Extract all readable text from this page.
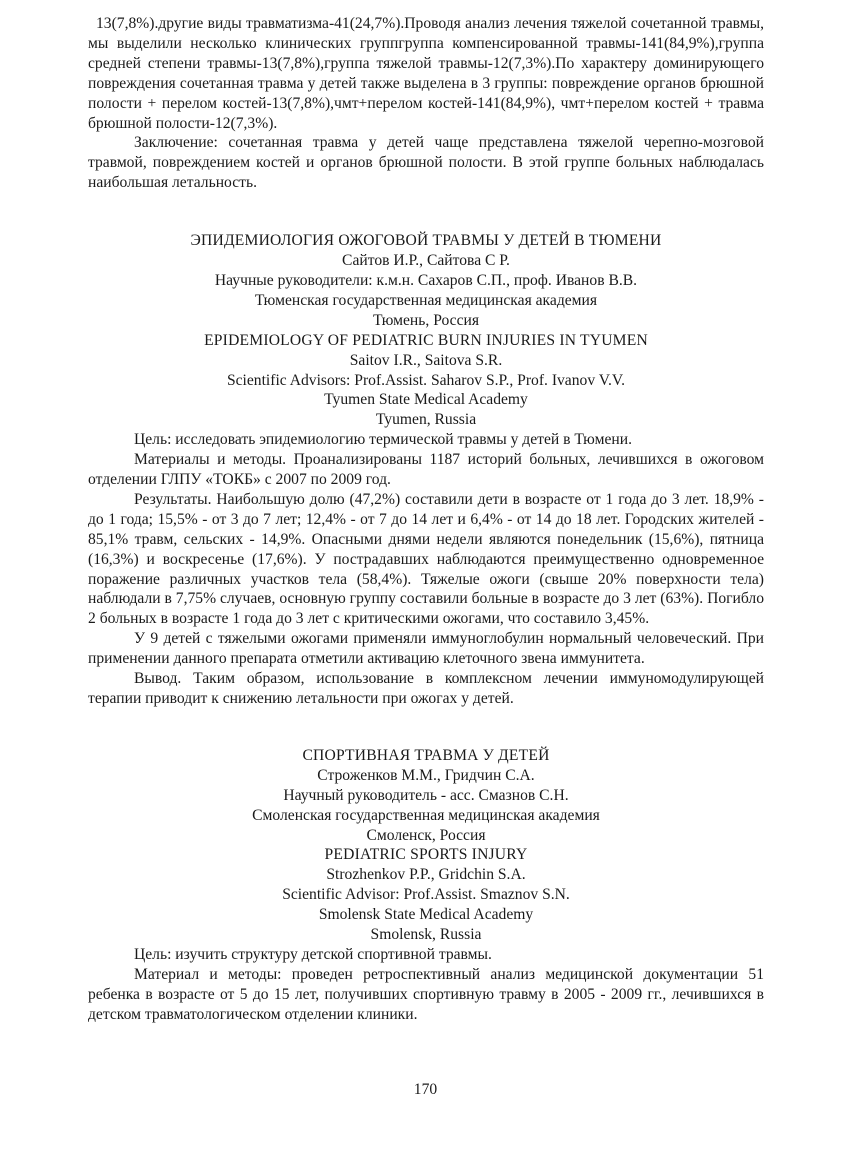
13(7,8%).другие виды травматизма-41(24,7%).Проводя анализ лечения тяжелой сочетанной травмы, мы выделили несколько клинических группгруппа компенсированной травмы-141(84,9%),группа средней степени травмы-13(7,8%),группа тяжелой травмы-12(7,3%).По характеру доминирующего повреждения сочетанная травма у детей также выделена в 3 группы: повреждение органов брюшной полости + перелом костей-13(7,8%),чмт+перелом костей-141(84,9%), чмт+перелом костей + травма брюшной полости-12(7,3%).

Заключение: сочетанная травма у детей чаще представлена тяжелой черепно-мозговой травмой, повреждением костей и органов брюшной полости. В этой группе больных наблюдалась наибольшая летальность.

ЭПИДЕМИОЛОГИЯ ОЖОГОВОЙ ТРАВМЫ У ДЕТЕЙ В ТЮМЕНИ

Сайтов И.Р., Сайтова С Р.

Научные руководители: к.м.н. Сахаров С.П., проф. Иванов В.В.

Тюменская государственная медицинская академия

Тюмень, Россия

EPIDEMIOLOGY OF PEDIATRIC BURN INJURIES IN TYUMEN

Saitov I.R., Saitova S.R.

Scientific Advisors: Prof.Assist. Saharov S.P., Prof. Ivanov V.V.

Tyumen State Medical Academy

Tyumen, Russia

Цель: исследовать эпидемиологию термической травмы у детей в Тюмени.

Материалы и методы. Проанализированы 1187 историй больных, лечившихся в ожоговом отделении ГЛПУ «ТОКБ» с 2007 по 2009 год.

Результаты. Наибольшую долю (47,2%) составили дети в возрасте от 1 года до 3 лет. 18,9% - до 1 года; 15,5% - от 3 до 7 лет; 12,4% - от 7 до 14 лет и 6,4% - от 14 до 18 лет. Городских жителей - 85,1% травм, сельских - 14,9%. Опасными днями недели являются понедельник (15,6%), пятница (16,3%) и воскресенье (17,6%). У пострадавших наблюдаются преимущественно одновременное поражение различных участков тела (58,4%). Тяжелые ожоги (свыше 20% поверхности тела) наблюдали в 7,75% случаев, основную группу составили больные в возрасте до 3 лет (63%). Погибло 2 больных в возрасте 1 года до 3 лет с критическими ожогами, что составило 3,45%.

У 9 детей с тяжелыми ожогами применяли иммуноглобулин нормальный человеческий. При применении данного препарата отметили активацию клеточного звена иммунитета.

Вывод. Таким образом, использование в комплексном лечении иммуномодулирующей терапии приводит к снижению летальности при ожогах у детей.

СПОРТИВНАЯ ТРАВМА У ДЕТЕЙ

Строженков М.М., Гридчин С.А.

Научный руководитель - асс. Смазнов С.Н.

Смоленская государственная медицинская академия

Смоленск, Россия

PEDIATRIC SPORTS INJURY

Strozhenkov P.P., Gridchin S.A.

Scientific Advisor: Prof.Assist. Smaznov S.N.

Smolensk State Medical Academy

Smolensk, Russia

Цель: изучить структуру детской спортивной травмы.

Материал и методы: проведен ретроспективный анализ медицинской документации 51 ребенка в возрасте от 5 до 15 лет, получивших спортивную травму в 2005 - 2009 гг., лечившихся в детском травматологическом отделении клиники.

170
